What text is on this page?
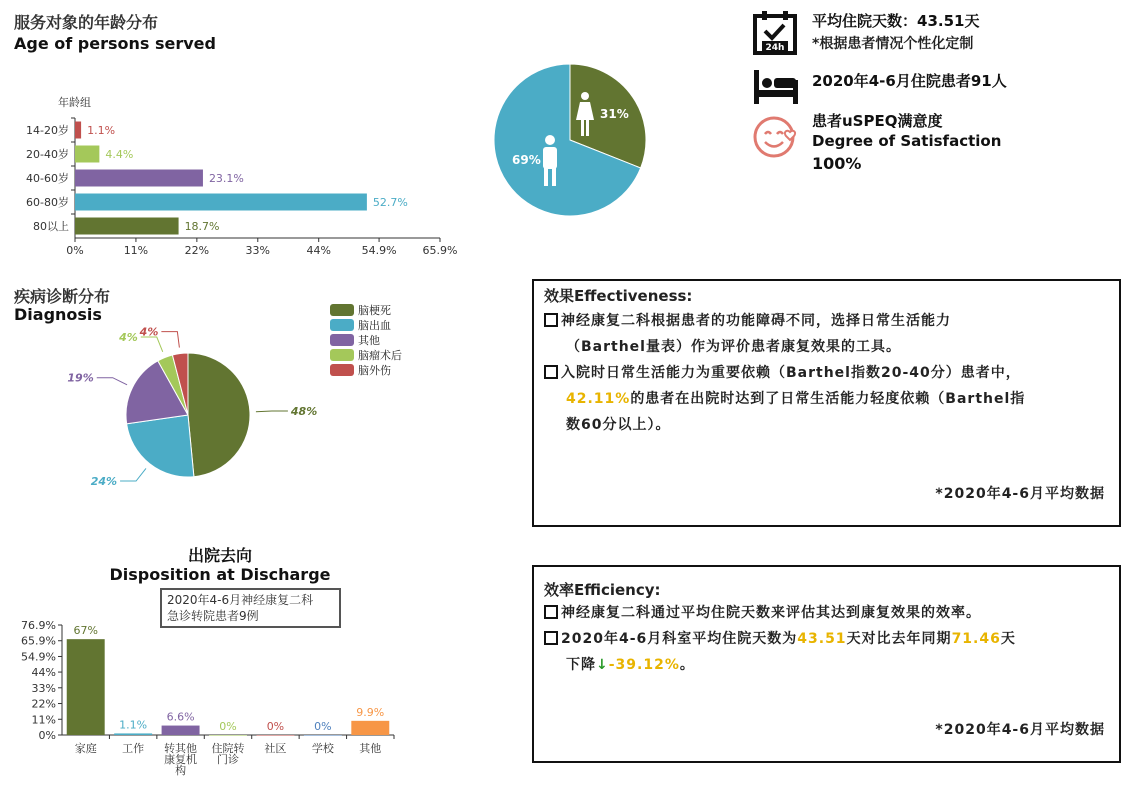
服务对象的年龄分布
Age of persons served
年龄组
0%	11%	22%	33%	44%	54.9% 65.9%
14-20岁 1.1%
20-40岁	4.4%
40-60岁	23.1%
60-80岁	52.7%
80以上	18.7%
31%
69%
24h
平均住院天数：43.51天
*根据患者情况个性化定制
2020年4-6月住院患者91人
患者uSPEQ满意度
Degree of Satisfaction
100%
疾病诊断分布
Diagnosis
48%
24%
19%
4% 4%
脑梗死
脑出血
其他
脑瘤术后
脑外伤
出院去向
Disposition at Discharge
2020年4-6月神经康复二科
急诊转院患者9例
0%
11%
22%
33%
44%
54.9%
65.9%
76.9% 67%
家庭
1.1%
工作
6.6%
转其他
康复机
构
0%
住院转
门诊
0%
社区
0%
学校
9.9%
其他
效果Effectiveness:
神经康复二科根据患者的功能障碍不同，选择日常生活能力
（Barthel量表）作为评价患者康复效果的工具。
入院时日常生活能力为重要依赖（Barthel指数20-40分）患者中，
42.11%的患者在出院时达到了日常生活能力轻度依赖（Barthel指
数60分以上）。
*2020年4-6月平均数据
效率Efficiency:
神经康复二科通过平均住院天数来评估其达到康复效果的效率。
2020年4-6月科室平均住院天数为43.51天对比去年同期71.46天
下降↓-39.12%。
*2020年4-6月平均数据
